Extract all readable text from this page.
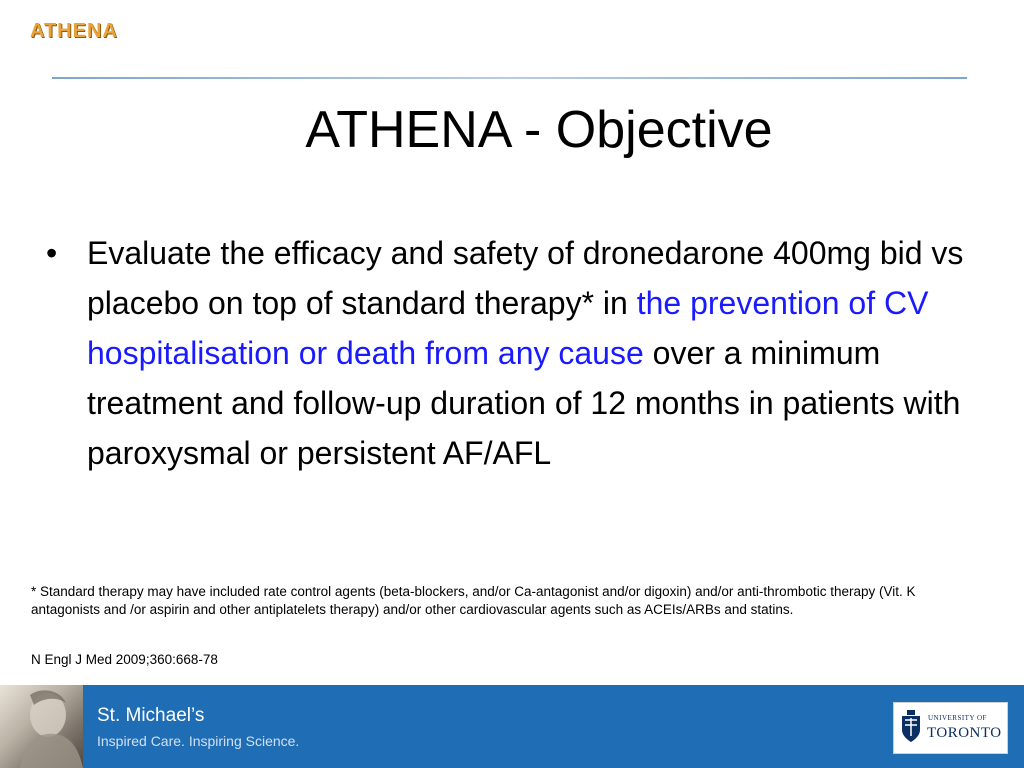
ATHENA
ATHENA - Objective
• Evaluate the efficacy and safety of dronedarone 400mg bid vs placebo on top of standard therapy* in the prevention of CV hospitalisation or death from any cause over a minimum treatment and follow-up duration of 12 months in patients with paroxysmal or persistent AF/AFL
* Standard therapy may have included rate control agents (beta-blockers, and/or Ca-antagonist and/or digoxin) and/or anti-thrombotic therapy (Vit. K antagonists and /or aspirin and other antiplatelets therapy) and/or other cardiovascular agents such as ACEIs/ARBs and statins.
N Engl J Med 2009;360:668-78
St. Michael’s
Inspired Care. Inspiring Science.
UNIVERSITY OF
TORONTO
